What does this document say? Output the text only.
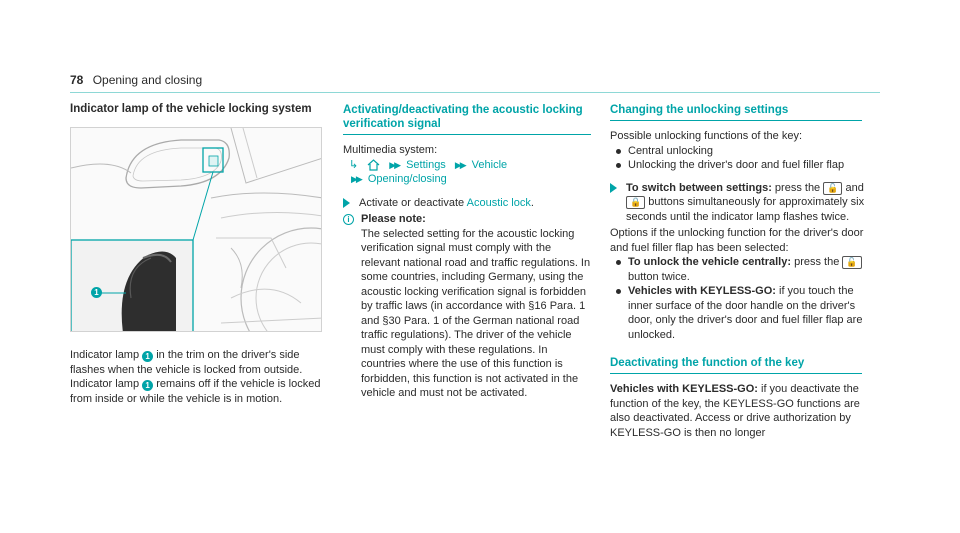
78 Opening and closing
Indicator lamp of the vehicle locking system
1

Indicator lamp 1 in the trim on the driver's side flashes when the vehicle is locked from outside.

Indicator lamp 1 remains off if the vehicle is locked from inside or while the vehicle is in motion.

Activating/deactivating the acoustic locking verification signal
Multimedia system:
↳	▶▶ Settings ▶▶ Vehicle
▶▶ Opening/closing
Activate or deactivate Acoustic lock.
i	Please note:
The selected setting for the acoustic locking verification signal must comply with the relevant national road and traffic regulations. In some countries, including Germany, using the acoustic locking verification signal is forbidden by traffic laws (in accordance with §16 Para. 1 and §30 Para. 1 of the German national road traffic regulations). The driver of the vehicle must comply with these regulations. In countries where the use of this function is forbidden, this function is not activated in the vehicle and must not be activated.
Changing the unlocking settings
Possible unlocking functions of the key:
Central unlocking
Unlocking the driver's door and fuel filler flap
To switch between settings: press the 🔓 and 🔒 buttons simultaneously for approximately six seconds until the indicator lamp flashes twice.
Options if the unlocking function for the driver's door and fuel filler flap has been selected:
To unlock the vehicle centrally: press the 🔓 button twice.
Vehicles with KEYLESS-GO: if you touch the inner surface of the door handle on the driver's door, only the driver's door and fuel filler flap are unlocked.
Deactivating the function of the key
Vehicles with KEYLESS-GO: if you deactivate the function of the key, the KEYLESS-GO functions are also deactivated. Access or drive authorization by KEYLESS-GO is then no longer
